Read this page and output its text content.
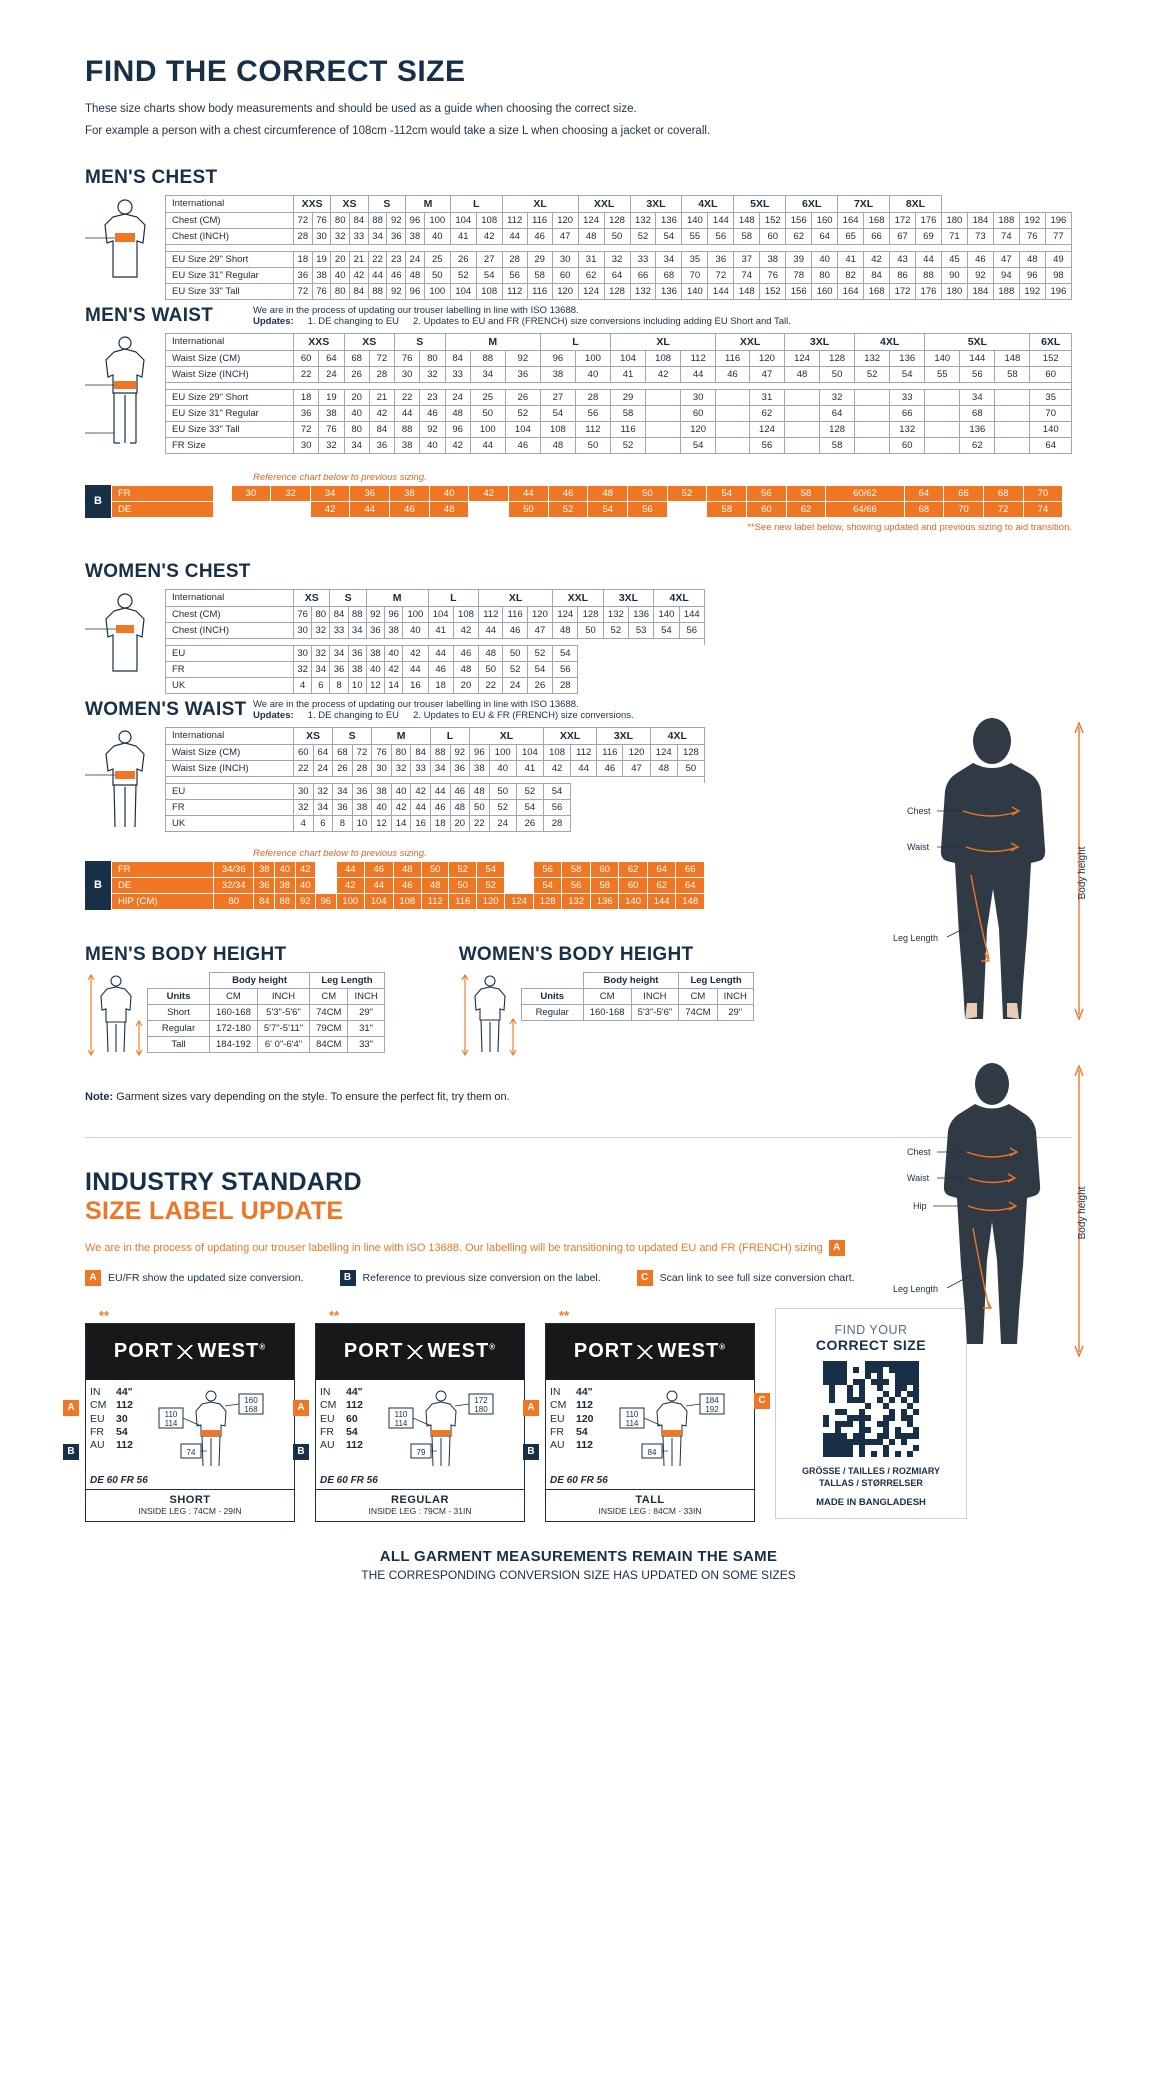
FIND THE CORRECT SIZE
These size charts show body measurements and should be used as a guide when choosing the correct size.
For example a person with a chest circumference of 108cm -112cm would take a size L when choosing a jacket or coverall.
MEN'S CHEST
International	XXS		XS		S		M		L		XL			XXL		3XL		4XL		5XL		6XL		7XL		8XL						
Chest (CM)	72	76	80	84	88	92	96	100	104	108	112	116	120	124	128	132	136	140	144	148	152	156	160	164	168	172	176	180	184	188	192	196
Chest (INCH)	28	30	32	33	34	36	38	40	41	42	44	46	47	48	50	52	54	55	56	58	60	62	64	65	66	67	69	71	73	74	76	77

EU Size 29" Short	18	19	20	21	22	23	24	25	26	27	28	29	30	31	32	33	34	35	36	37	38	39	40	41	42	43	44	45	46	47	48	49
EU Size 31" Regular	36	38	40	42	44	46	48	50	52	54	56	58	60	62	64	66	68	70	72	74	76	78	80	82	84	86	88	90	92	94	96	98
EU Size 33" Tall	72	76	80	84	88	92	96	100	104	108	112	116	120	124	128	132	136	140	144	148	152	156	160	164	168	172	176	180	184	188	192	196
We are in the process of updating our trouser labelling in line with ISO 13688.
Updates: 1. DE changing to EU 2. Updates to EU and FR (FRENCH) size conversions including adding EU Short and Tall.
MEN'S WAIST
International	XXS		XS		S		M			L		XL			XXL		3XL		4XL		5XL			6XL
Waist Size (CM)	60	64	68	72	76	80	84	88	92	96	100	104	108	112	116	120	124	128	132	136	140	144	148	152
Waist Size (INCH)	22	24	26	28	30	32	33	34	36	38	40	41	42	44	46	47	48	50	52	54	55	56	58	60

EU Size 29" Short	18	19	20	21	22	23	24	25	26	27	28	29		30		31		32		33		34		35
EU Size 31" Regular	36	38	40	42	44	46	48	50	52	54	56	58		60		62		64		66		68		70
EU Size 33" Tall	72	76	80	84	88	92	96	100	104	108	112	116		120		124		128		132		136		140
FR Size	30	32	34	36	38	40	42	44	46	48	50	52		54		56		58		60		62		64
Reference chart below to previous sizing.
B
FR			30	32	34	36	38	40	42	44	46	48	50	52	54	56	58	60/62	64	66	68	70	
DE					42	44	46	48		50	52	54	56		58	60	62	64/66	68	70	72	74	
**See new label below, showing updated and previous sizing to aid transition.
WOMEN'S CHEST
International	XS		S		M			L		XL			XXL		3XL		4XL	
Chest (CM)	76	80	84	88	92	96	100	104	108	112	116	120	124	128	132	136	140	144
Chest (INCH)	30	32	33	34	36	38	40	41	42	44	46	47	48	50	52	53	54	56

EU	30	32	34	36	38	40	42	44	46	48	50	52	54					
FR	32	34	36	38	40	42	44	46	48	50	52	54	56					
UK	4	6	8	10	12	14	16	18	20	22	24	26	28					
We are in the process of updating our trouser labelling in line with ISO 13688.
Updates: 1. DE changing to EU 2. Updates to EU & FR (FRENCH) size conversions.
WOMEN'S WAIST
International	XS		S		M			L		XL			XXL		3XL		4XL	
Waist Size (CM)	60	64	68	72	76	80	84	88	92	96	100	104	108	112	116	120	124	128
Waist Size (INCH)	22	24	26	28	30	32	33	34	36	38	40	41	42	44	46	47	48	50

EU	30	32	34	36	38	40	42	44	46	48	50	52	54					
FR	32	34	36	38	40	42	44	46	48	50	52	54	56					
UK	4	6	8	10	12	14	16	18	20	22	24	26	28					
Reference chart below to previous sizing.
B
FR	34/36	38	40	42		44	46	48	50	52	54		56	58	60	62	64	66
DE	32/34	36	38	40		42	44	46	48	50	52		54	56	58	60	62	64
HIP (CM)	80	84	88	92	96	100	104	108	112	116	120	124	128	132	136	140	144	148
MEN'S BODY HEIGHT
	Body height		Leg Length	
Units	CM	INCH	CM	INCH
Short	160-168	5'3"-5'6"	74CM	29"
Regular	172-180	5'7"-5'11"	79CM	31"
Tall	184-192	6' 0"-6'4"	84CM	33"
WOMEN'S BODY HEIGHT
	Body height		Leg Length	
Units	CM	INCH	CM	INCH
Regular	160-168	5'3"-5'6"	74CM	29"
Note: Garment sizes vary depending on the style. To ensure the perfect fit, try them on.
INDUSTRY STANDARD
SIZE LABEL UPDATE
We are in the process of updating our trouser labelling in line with ISO 13688. Our labelling will be transitioning to updated EU and FR (FRENCH) sizing	A
A	EU/FR show the updated size conversion.	B	Reference to previous size conversion on the label.	C	Scan link to see full size conversion chart.
**
PORT WEST®
IN	44"
CM 112
EU	30
FR	54
AU	112
110
114
160
168
74
DE 60 FR 56
SHORT
INSIDE LEG : 74CM - 29IN
A
B
**
PORT WEST®
IN	44"
CM 112
EU	60
FR	54
AU	112
110
114
172
180
79
DE 60 FR 56
REGULAR
INSIDE LEG : 79CM - 31IN
A
B
**
PORT WEST®
IN	44"
CM 112
EU	120
FR	54
AU	112
110
114
184
192
84
DE 60 FR 56
TALL
INSIDE LEG : 84CM - 33IN
A
B
C
FIND YOUR
CORRECT SIZE
GRÖSSE / TAILLES / ROZMIARY
TALLAS / STØRRELSER
MADE IN BANGLADESH
ALL GARMENT MEASUREMENTS REMAIN THE SAME
THE CORRESPONDING CONVERSION SIZE HAS UPDATED ON SOME SIZES
Chest
Waist
Leg Length
Body height
Chest
Waist
Hip
Leg Length
Body height
